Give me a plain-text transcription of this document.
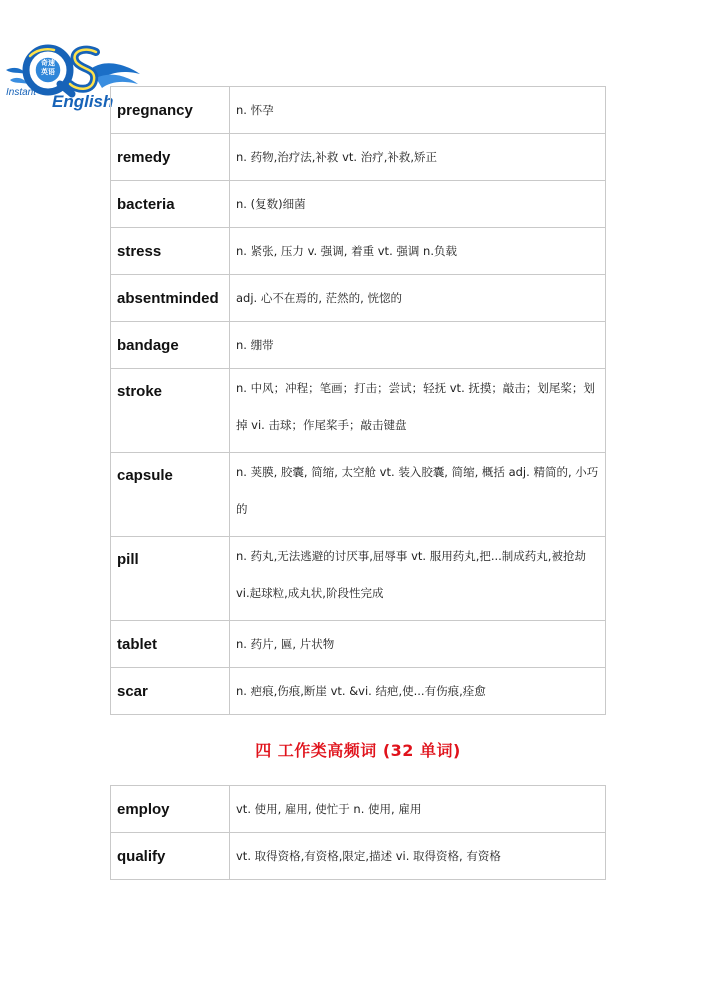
奇速
英语
Instant English pregnancy	n. 怀孕
remedy	n. 药物,治疗法,补救 vt. 治疗,补救,矫正
bacteria	n. (复数)细菌
stress	n. 紧张, 压力 v. 强调, 着重 vt. 强调 n.负载
absentminded	adj. 心不在焉的, 茫然的, 恍惚的
bandage	n. 绷带
stroke	n. 中风；冲程；笔画；打击；尝试；轻抚 vt. 抚摸；敲击；划尾桨；划掉 vi. 击球；作尾桨手；敲击键盘

capsule	n. 荚膜, 胶囊, 简缩, 太空舱 vt. 装入胶囊, 简缩, 概括 adj. 精简的, 小巧的

pill	n. 药丸,无法逃避的讨厌事,屈辱事 vt. 服用药丸,把...制成药丸,被抢劫 vi.起球粒,成丸状,阶段性完成

tablet	n. 药片, 匾, 片状物
scar	n. 疤痕,伤痕,断崖 vt. &vi. 结疤,使...有伤痕,痊愈
四 工作类高频词 (32 单词)
employ	vt. 使用, 雇用, 使忙于 n. 使用, 雇用
qualify	vt. 取得资格,有资格,限定,描述 vi. 取得资格, 有资格
